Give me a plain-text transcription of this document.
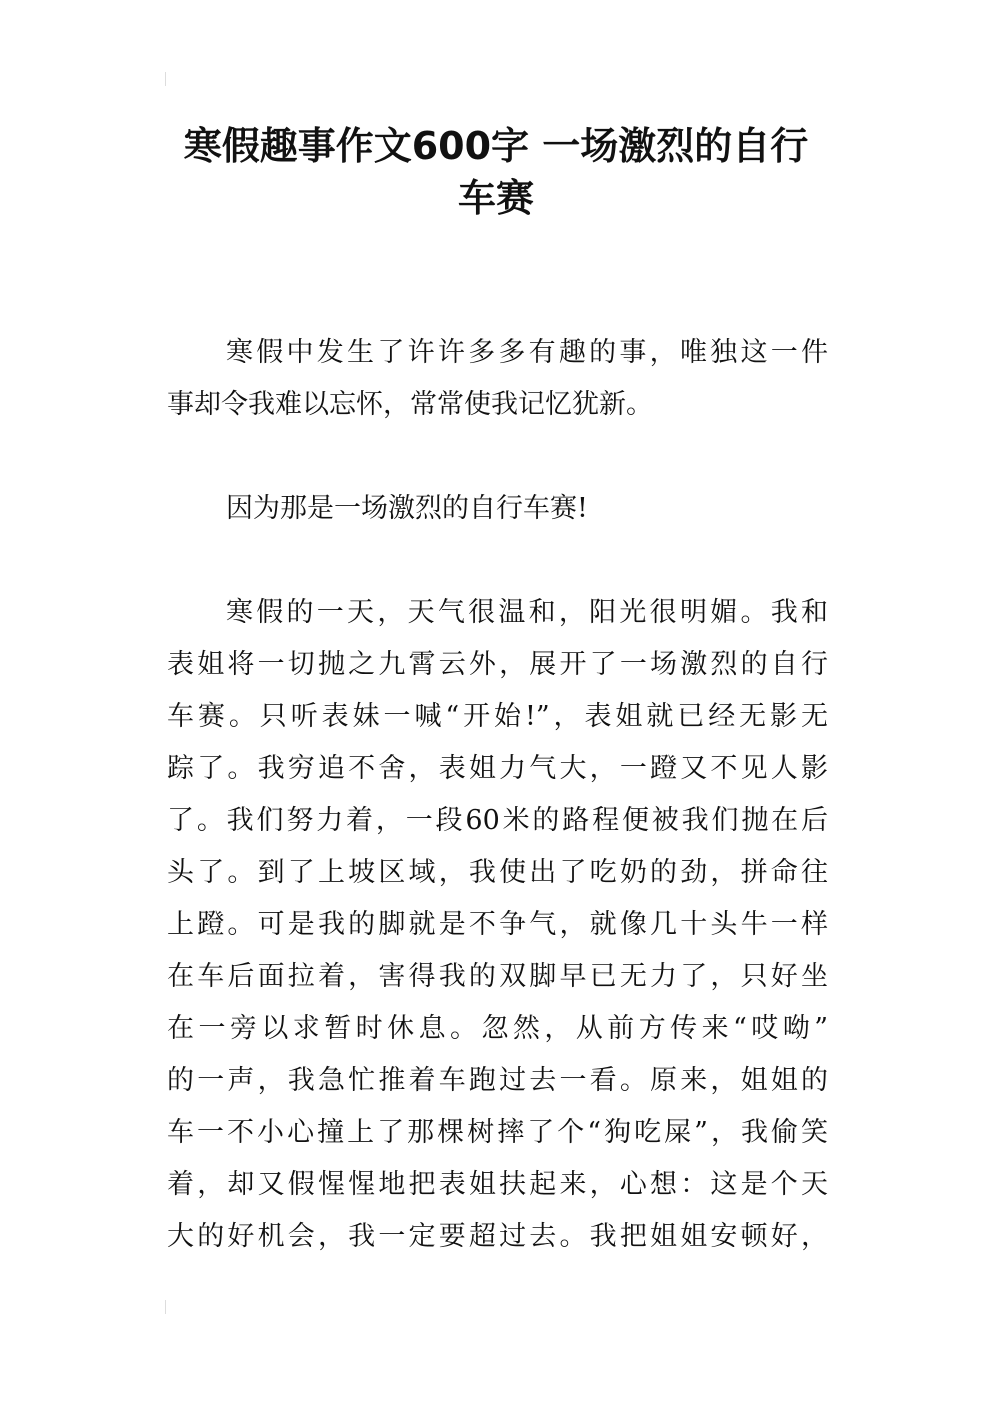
寒假趣事作文600字 一场激烈的自行
车赛

寒假中发生了许许多多有趣的事，唯独这一件
事却令我难以忘怀，常常使我记忆犹新。

因为那是一场激烈的自行车赛!

寒假的一天，天气很温和，阳光很明媚。我和
表姐将一切抛之九霄云外，展开了一场激烈的自行
车赛。只听表妹一喊“开始!”，表姐就已经无影无
踪了。我穷追不舍，表姐力气大，一蹬又不见人影
了。我们努力着，一段60米的路程便被我们抛在后
头了。到了上坡区域，我使出了吃奶的劲，拼命往
上蹬。可是我的脚就是不争气，就像几十头牛一样
在车后面拉着，害得我的双脚早已无力了，只好坐
在一旁以求暂时休息。忽然，从前方传来“哎呦”
的一声，我急忙推着车跑过去一看。原来，姐姐的
车一不小心撞上了那棵树摔了个“狗吃屎”，我偷笑
着，却又假惺惺地把表姐扶起来，心想：这是个天
大的好机会，我一定要超过去。我把姐姐安顿好，
